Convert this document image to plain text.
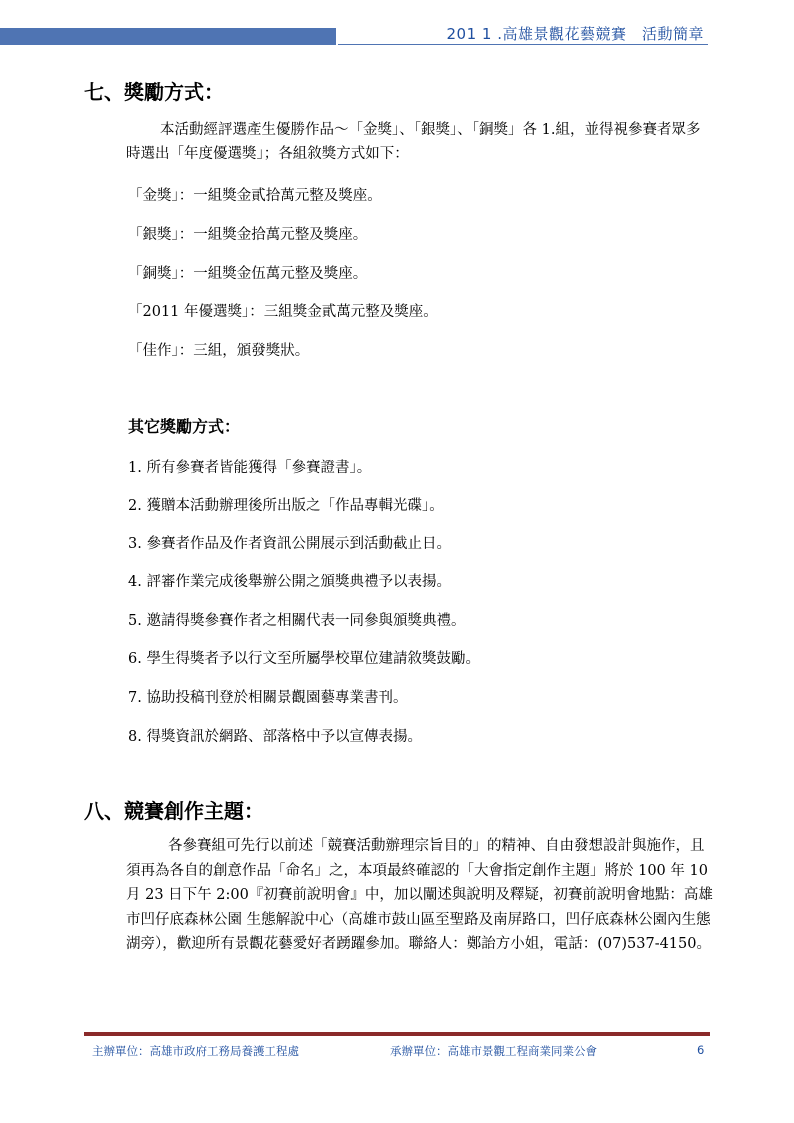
201 1 .高雄景觀花藝競賽　活動簡章
七、獎勵方式：
本活動經評選產生優勝作品～「金獎」、「銀獎」、「銅獎」各 1.組，並得視參賽者眾多時選出「年度優選獎」；各組敘獎方式如下：
「金獎」：一組獎金貳拾萬元整及獎座。
「銀獎」：一組獎金拾萬元整及獎座。
「銅獎」：一組獎金伍萬元整及獎座。
「2011 年優選獎」：三組獎金貳萬元整及獎座。
「佳作」：三組，頒發獎狀。
其它獎勵方式：
1. 所有參賽者皆能獲得「參賽證書」。
2. 獲贈本活動辦理後所出版之「作品專輯光碟」。
3. 參賽者作品及作者資訊公開展示到活動截止日。
4. 評審作業完成後舉辦公開之頒獎典禮予以表揚。
5. 邀請得獎參賽作者之相關代表一同參與頒獎典禮。
6. 學生得獎者予以行文至所屬學校單位建請敘獎鼓勵。
7. 協助投稿刊登於相關景觀園藝專業書刊。
8. 得獎資訊於網路、部落格中予以宣傳表揚。
八、競賽創作主題：
各參賽組可先行以前述「競賽活動辦理宗旨目的」的精神、自由發想設計與施作，且須再為各自的創意作品「命名」之，本項最終確認的「大會指定創作主題」將於 100 年 10 月 23 日下午 2:00『初賽前說明會』中，加以闡述與說明及釋疑，初賽前說明會地點：高雄市凹仔底森林公園 生態解說中心（高雄市鼓山區至聖路及南屏路口，凹仔底森林公園內生態湖旁），歡迎所有景觀花藝愛好者踴躍參加。聯絡人：鄭詒方小姐，電話：(07)537-4150。
主辦單位：高雄市政府工務局養護工程處	承辦單位：高雄市景觀工程商業同業公會	6
